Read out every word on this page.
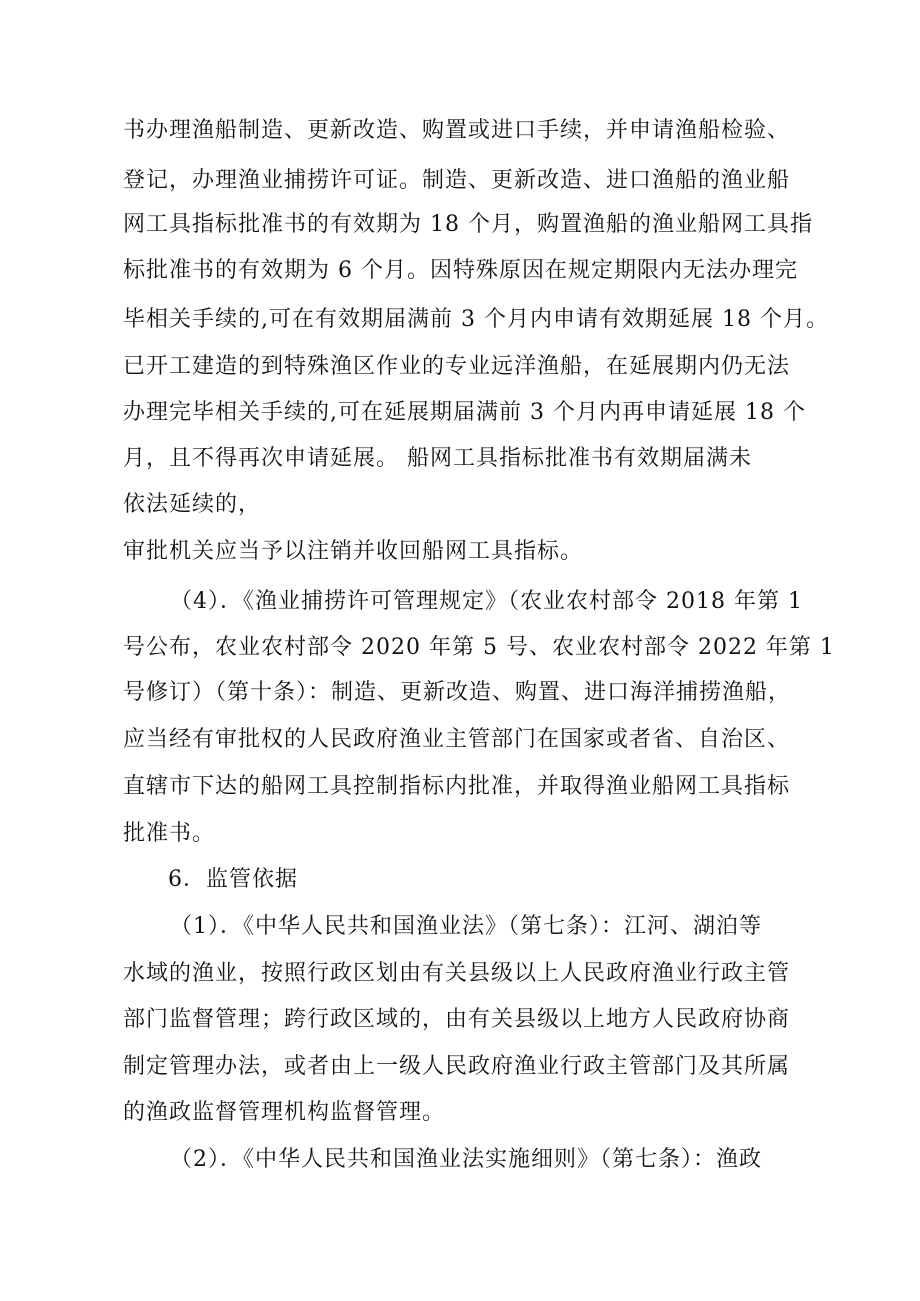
书办理渔船制造、更新改造、购置或进口手续，并申请渔船检验、
登记，办理渔业捕捞许可证。制造、更新改造、进口渔船的渔业船
网工具指标批准书的有效期为 18 个月，购置渔船的渔业船网工具指
标批准书的有效期为 6 个月。因特殊原因在规定期限内无法办理完
毕相关手续的,可在有效期届满前 3 个月内申请有效期延展 18 个月。
已开工建造的到特殊渔区作业的专业远洋渔船，在延展期内仍无法
办理完毕相关手续的,可在延展期届满前 3 个月内再申请延展 18 个
月，且不得再次申请延展。 船网工具指标批准书有效期届满未
依法延续的，
审批机关应当予以注销并收回船网工具指标。
（4）．《渔业捕捞许可管理规定》（农业农村部令 2018 年第 1
号公布，农业农村部令 2020 年第 5 号、农业农村部令 2022 年第 1
号修订）（第十条）：制造、更新改造、购置、进口海洋捕捞渔船，
应当经有审批权的人民政府渔业主管部门在国家或者省、自治区、
直辖市下达的船网工具控制指标内批准，并取得渔业船网工具指标
批准书。
6．监管依据
（1）．《中华人民共和国渔业法》（第七条）：江河、湖泊等
水域的渔业，按照行政区划由有关县级以上人民政府渔业行政主管
部门监督管理；跨行政区域的，由有关县级以上地方人民政府协商
制定管理办法，或者由上一级人民政府渔业行政主管部门及其所属
的渔政监督管理机构监督管理。
（2）．《中华人民共和国渔业法实施细则》（第七条）：渔政
